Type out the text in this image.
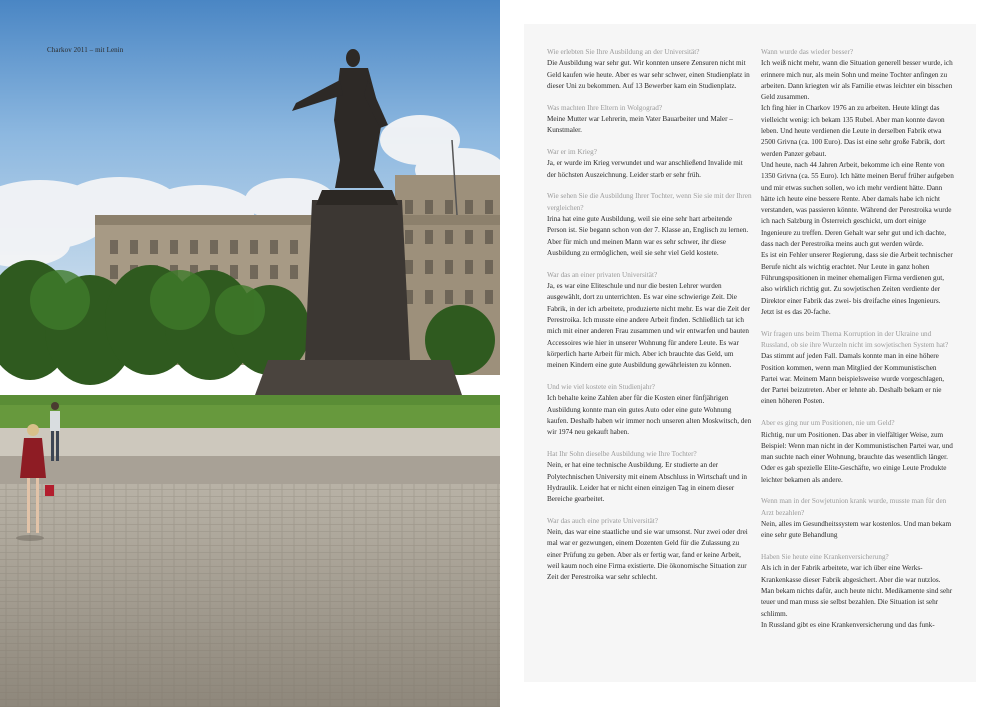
Charkov 2011 – mit Lenin	Wie erlebten Sie Ihre Ausbildung an der Universität?

Die Ausbildung war sehr gut. Wir konnten unsere Zensuren nicht mit Geld kaufen wie heute. Aber es war sehr schwer, einen Studienplatz in dieser Uni zu bekommen. Auf 13 Bewerber kam ein Studienplatz.

Was machten Ihre Eltern in Wolgograd?

Meine Mutter war Lehrerin, mein Vater Bauarbeiter und Maler – Kunstmaler.

War er im Krieg?

Ja, er wurde im Krieg verwundet und war anschließend Invalide mit der höchsten Auszeichnung. Leider starb er sehr früh.

Wie sehen Sie die Ausbildung Ihrer Tochter, wenn Sie sie mit der Ihren vergleichen?

Irina hat eine gute Ausbildung, weil sie eine sehr hart arbeitende Person ist. Sie begann schon von der 7. Klasse an, Englisch zu lernen. Aber für mich und meinen Mann war es sehr schwer, ihr diese Ausbildung zu ermöglichen, weil sie sehr viel Geld kostete.

War das an einer privaten Universität?

Ja, es war eine Eliteschule und nur die besten Lehrer wurden ausgewählt, dort zu unterrichten. Es war eine schwierige Zeit. Die Fabrik, in der ich arbeitete, produzierte nicht mehr. Es war die Zeit der Perestroika. Ich musste eine andere Arbeit finden. Schließlich tat ich mich mit einer anderen Frau zusammen und wir entwarfen und bauten Accessoires wie hier in unserer Wohnung für andere Leute. Es war körperlich harte Arbeit für mich. Aber ich brauchte das Geld, um meinen Kindern eine gute Ausbildung gewährleisten zu können.

Und wie viel kostete ein Studienjahr?

Ich behalte keine Zahlen aber für die Kosten einer fünfjährigen Ausbildung konnte man ein gutes Auto oder eine gute Wohnung kaufen. Deshalb haben wir immer noch unseren alten Moskwitsch, den wir 1974 neu gekauft haben.

Hat Ihr Sohn dieselbe Ausbildung wie Ihre Tochter?

Nein, er hat eine technische Ausbildung. Er studierte an der Polytechnischen University mit einem Abschluss in Wirtschaft und in Hydraulik. Leider hat er nicht einen einzigen Tag in einem dieser Bereiche gearbeitet.

War das auch eine private Universität?

Nein, das war eine staatliche und sie war umsonst. Nur zwei oder drei mal war er gezwungen, einem Dozenten Geld für die Zulassung zu einer Prüfung zu geben. Aber als er fertig war, fand er keine Arbeit, weil kaum noch eine Firma existierte. Die ökonomische Situation zur Zeit der Perestroika war sehr schlecht.

Wann wurde das wieder besser?

Ich weiß nicht mehr, wann die Situation generell besser wurde, ich erinnere mich nur, als mein Sohn und meine Tochter anfingen zu arbeiten. Dann kriegten wir als Familie etwas leichter ein bisschen Geld zusammen.
Ich fing hier in Charkov 1976 an zu arbeiten. Heute klingt das vielleicht wenig: ich bekam 135 Rubel. Aber man konnte davon leben. Und heute verdienen die Leute in derselben Fabrik etwa 2500 Grivna (ca. 100 Euro). Das ist eine sehr große Fabrik, dort werden Panzer gebaut.
Und heute, nach 44 Jahren Arbeit, bekomme ich eine Rente von 1350 Grivna (ca. 55 Euro). Ich hätte meinen Beruf früher aufgeben und mir etwas suchen sollen, wo ich mehr verdient hätte. Dann hätte ich heute eine bessere Rente. Aber damals habe ich nicht verstanden, was passieren könnte. Während der Perestroika wurde ich nach Salzburg in Österreich geschickt, um dort einige Ingenieure zu treffen. Deren Gehalt war sehr gut und ich dachte, dass nach der Perestroika meins auch gut werden würde.
Es ist ein Fehler unserer Regierung, dass sie die Arbeit technischer Berufe nicht als wichtig erachtet. Nur Leute in ganz hohen Führungspositionen in meiner ehemaligen Firma verdienen gut, also wirklich richtig gut. Zu sowjetischen Zeiten verdiente der Direktor einer Fabrik das zwei- bis dreifache eines Ingenieurs. Jetzt ist es das 20-fache.

Wir fragen uns beim Thema Korruption in der Ukraine und Russland, ob sie ihre Wurzeln nicht im sowjetischen System hat?

Das stimmt auf jeden Fall. Damals konnte man in eine höhere Position kommen, wenn man Mitglied der Kommunistischen Partei war. Meinem Mann beispielsweise wurde vorgeschlagen, der Partei beizutreten. Aber er lehnte ab. Deshalb bekam er nie einen höheren Posten.

Aber es ging nur um Positionen, nie um Geld?

Richtig, nur um Positionen. Das aber in vielfältiger Weise, zum Beispiel: Wenn man nicht in der Kommunistischen Partei war, und man suchte nach einer Wohnung, brauchte das wesentlich länger. Oder es gab spezielle Elite-Geschäfte, wo einige Leute Produkte leichter bekamen als andere.

Wenn man in der Sowjetunion krank wurde, musste man für den Arzt bezahlen?

Nein, alles im Gesundheitssystem war kostenlos. Und man bekam eine sehr gute Behandlung

Haben Sie heute eine Krankenversicherung?

Als ich in der Fabrik arbeitete, war ich über eine Werks-Krankenkasse dieser Fabrik abgesichert. Aber die war nutzlos. Man bekam nichts dafür, auch heute nicht. Medikamente sind sehr teuer und man muss sie selbst bezahlen. Die Situation ist sehr schlimm.
In Russland gibt es eine Krankenversicherung und das funk-
